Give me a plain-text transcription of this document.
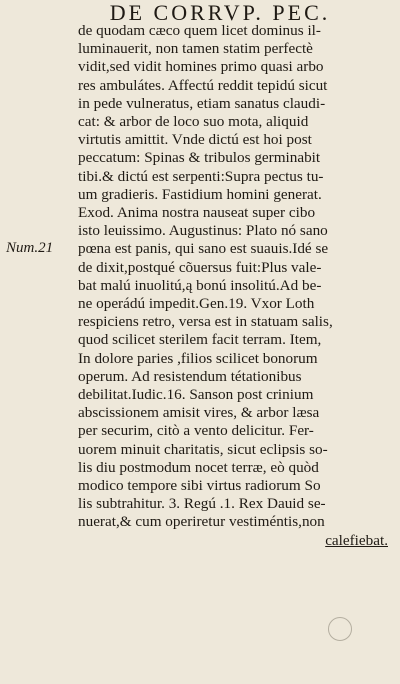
DE CORRVP. PEC.
Num.21
de quodam cæco quem licet dominus il-
luminauerit, non tamen statim perfectè
vidit,sed vidit homines primo quasi arbo
res ambulátes. Affectú reddit tepidú sicut
in pede vulneratus, etiam sanatus claudi-
cat: & arbor de loco suo mota, aliquid
virtutis amittit. Vnde dictú est hoi post
peccatum: Spinas & tribulos germinabit
tibi.& dictú est serpenti:Supra pectus tu-
um gradieris. Fastidium homini generat.
Exod. Anima nostra nauseat super cibo
isto leuissimo. Augustinus: Plato nó sano
pœna est panis, qui sano est suauis.Idé se
de dixit,postqué cõuersus fuit:Plus vale-
bat malú inuolitú,ą bonú insolitú.Ad be-
ne operádú impedit.Gen.19. Vxor Loth
respiciens retro, versa est in statuam salis,
quod scilicet sterilem facit terram. Item,
In dolore paries ,filios scilicet bonorum
operum. Ad resistendum tétationibus
debilitat.Iudic.16. Sanson post crinium
abscissionem amisit vires, & arbor læsa
per securim, citò a vento delicitur. Fer-
uorem minuit charitatis, sicut eclipsis so-
lis diu postmodum nocet terræ, eò quòd
modico tempore sibi virtus radiorum So
lis subtrahitur. 3. Regú .1. Rex Dauid se-
nuerat,& cum operiretur vestiméntis,non
calefiebat.
